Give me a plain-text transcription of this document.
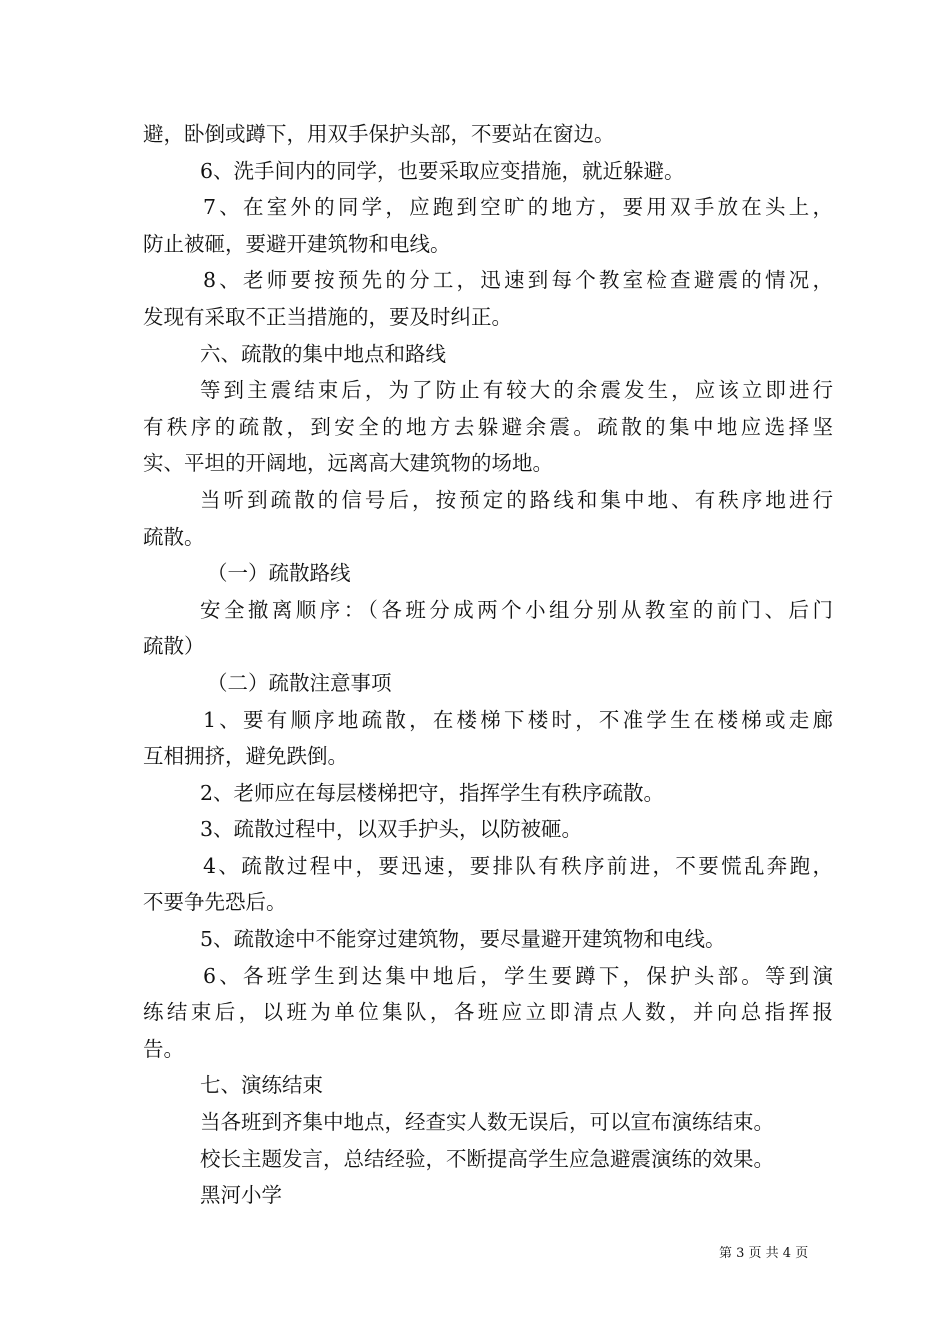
避，卧倒或蹲下，用双手保护头部，不要站在窗边。
6、洗手间内的同学，也要采取应变措施，就近躲避。
7、在室外的同学，应跑到空旷的地方，要用双手放在头上，
防止被砸，要避开建筑物和电线。
8、老师要按预先的分工，迅速到每个教室检查避震的情况，
发现有采取不正当措施的，要及时纠正。
六、疏散的集中地点和路线
等到主震结束后，为了防止有较大的余震发生，应该立即进行
有秩序的疏散，到安全的地方去躲避余震。疏散的集中地应选择坚
实、平坦的开阔地，远离高大建筑物的场地。
当听到疏散的信号后，按预定的路线和集中地、有秩序地进行
疏散。
（一）疏散路线
安全撤离顺序：（各班分成两个小组分别从教室的前门、后门
疏散）
（二）疏散注意事项
1、要有顺序地疏散，在楼梯下楼时，不准学生在楼梯或走廊
互相拥挤，避免跌倒。
2、老师应在每层楼梯把守，指挥学生有秩序疏散。
3、疏散过程中，以双手护头，以防被砸。
4、疏散过程中，要迅速，要排队有秩序前进，不要慌乱奔跑，
不要争先恐后。
5、疏散途中不能穿过建筑物，要尽量避开建筑物和电线。
6、各班学生到达集中地后，学生要蹲下，保护头部。等到演
练结束后，以班为单位集队，各班应立即清点人数，并向总指挥报
告。
七、演练结束
当各班到齐集中地点，经查实人数无误后，可以宣布演练结束。
校长主题发言，总结经验，不断提高学生应急避震演练的效果。
黑河小学
第 3 页 共 4 页
